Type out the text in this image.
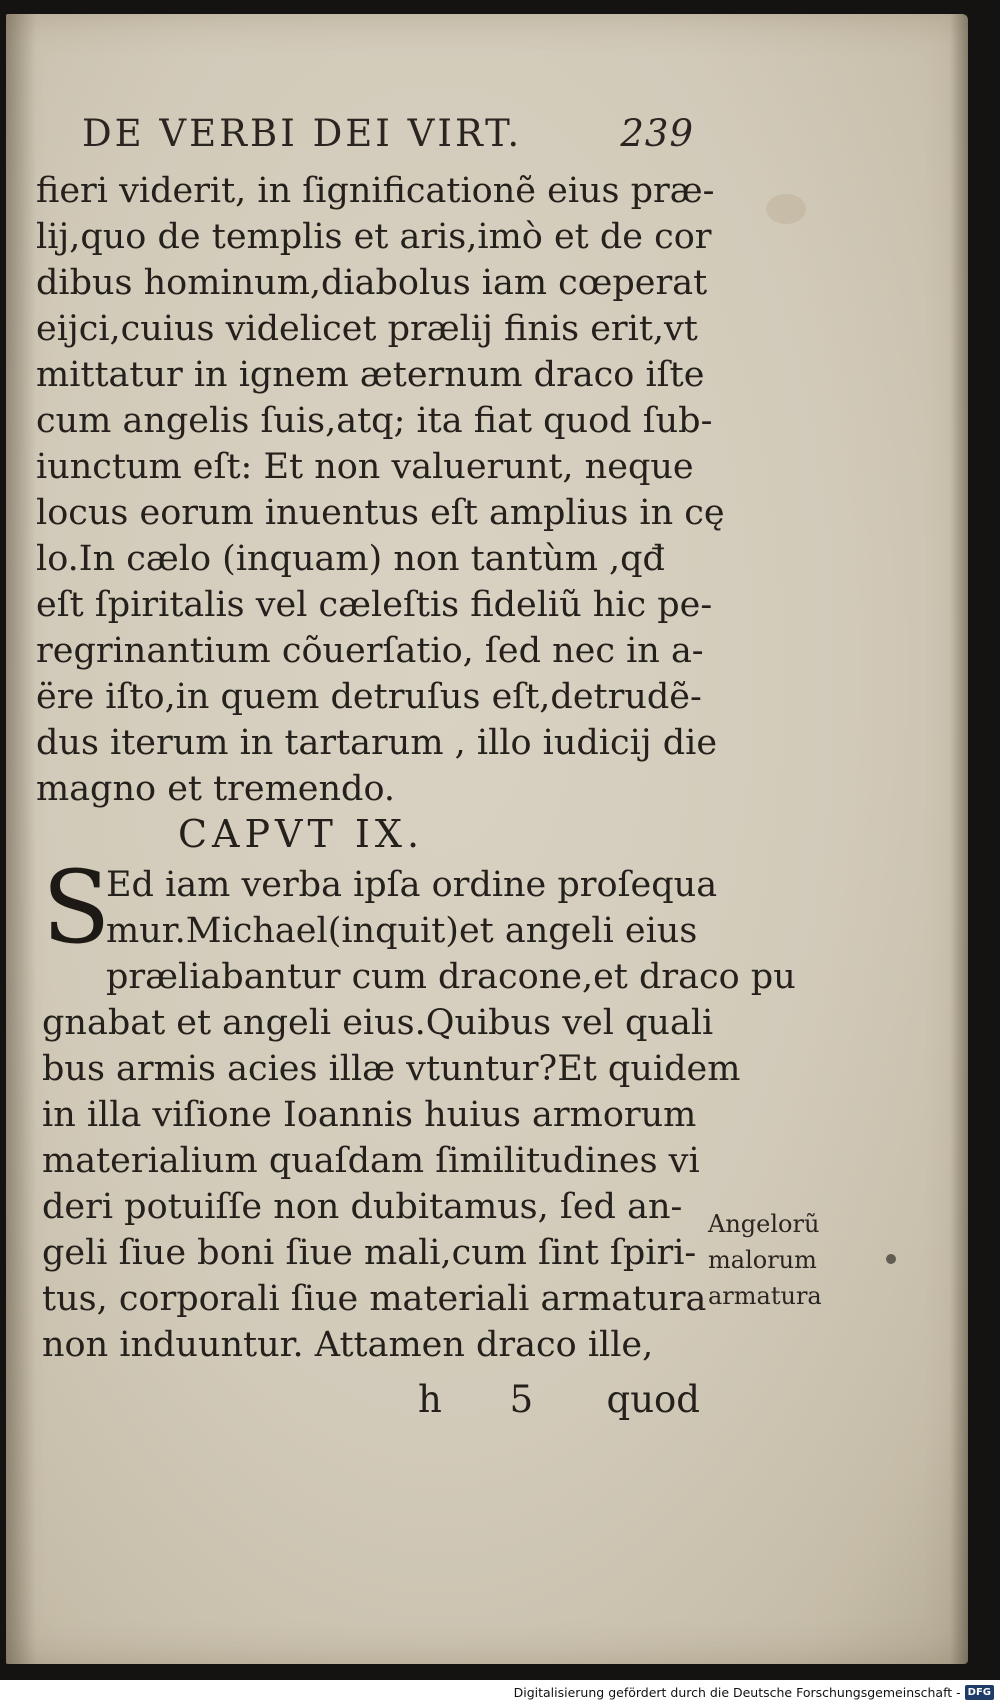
DE VERBI DEI VIRT.	239
fieri viderit, in ſignificationẽ eius præ-
lij,quo de templis et aris,imò et de cor
dibus hominum,diabolus iam cœperat
eijci,cuius videlicet prælij finis erit,vt
mittatur in ignem æternum draco iſte
cum angelis ſuis,atq; ita fiat quod ſub-
iunctum eſt: Et non valuerunt, neque
locus eorum inuentus eſt amplius in cę
lo.In cælo (inquam) non tantùm ,qđ
eſt ſpiritalis vel cæleſtis fideliũ hic pe-
regrinantium cõuerſatio, ſed nec in a-
ëre iſto,in quem detruſus eſt,detrudẽ-
dus iterum in tartarum , illo iudicij die
magno et tremendo.
CAPVT IX.
S
Ed iam verba ipſa ordine proſequa
mur.Michael(inquit)et angeli eius
præliabantur cum dracone,et draco pu
gnabat et angeli eius.Quibus vel quali
bus armis acies illæ vtuntur?Et quidem
in illa viſione Ioannis huius armorum
materialium quaſdam ſimilitudines vi
deri potuiſſe non dubitamus, ſed an-
geli ſiue boni ſiue mali,cum ſint ſpiri-
tus, corporali ſiue materiali armatura
non induuntur. Attamen draco ille,
Angelorũ
malorum
armatura
h 5 quod
Digitalisierung gefördert durch die Deutsche Forschungsgemeinschaft - DFG
